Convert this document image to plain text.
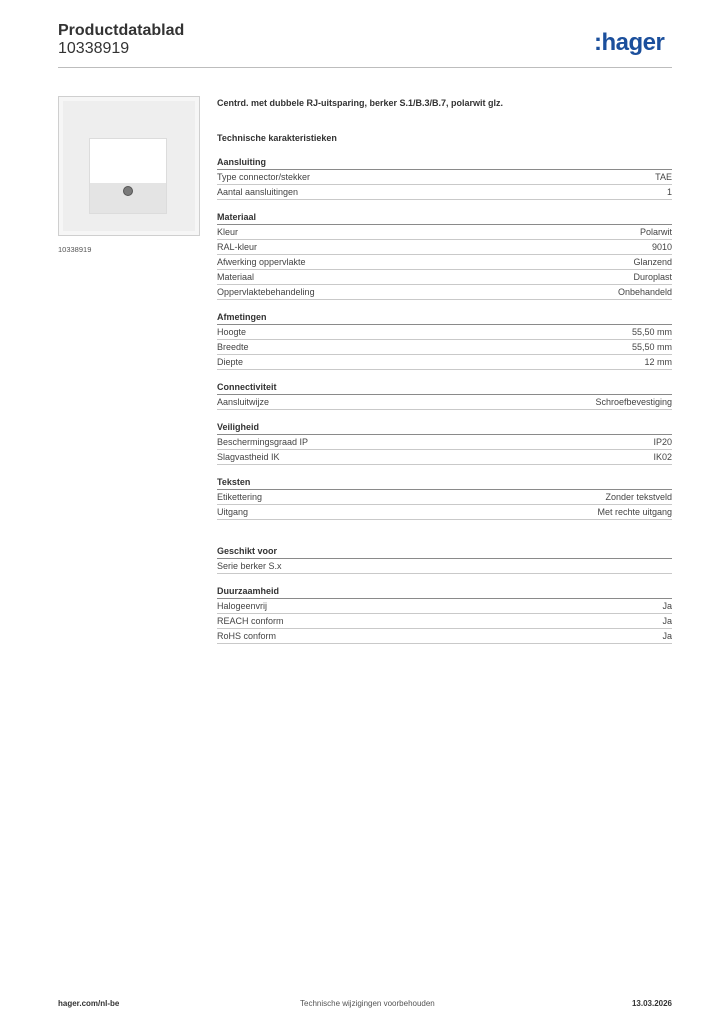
Productdatablad
10338919	:hager
10338919
Centrd. met dubbele RJ-uitsparing, berker S.1/B.3/B.7, polarwit glz.
Technische karakteristieken
Aansluiting
Type connector/stekker	TAE
Aantal aansluitingen	1
Materiaal
Kleur	Polarwit
RAL-kleur	9010
Afwerking oppervlakte	Glanzend
Materiaal	Duroplast
Oppervlaktebehandeling	Onbehandeld
Afmetingen
Hoogte	55,50 mm
Breedte	55,50 mm
Diepte	12 mm
Connectiviteit
Aansluitwijze	Schroefbevestiging
Veiligheid
Beschermingsgraad IP	IP20
Slagvastheid IK	IK02
Teksten
Etikettering	Zonder tekstveld
Uitgang	Met rechte uitgang
Geschikt voor
Serie berker S.x
Duurzaamheid
Halogeenvrij	Ja
REACH conform	Ja
RoHS conform	Ja
hager.com/nl-be	Technische wijzigingen voorbehouden	13.03.2026
